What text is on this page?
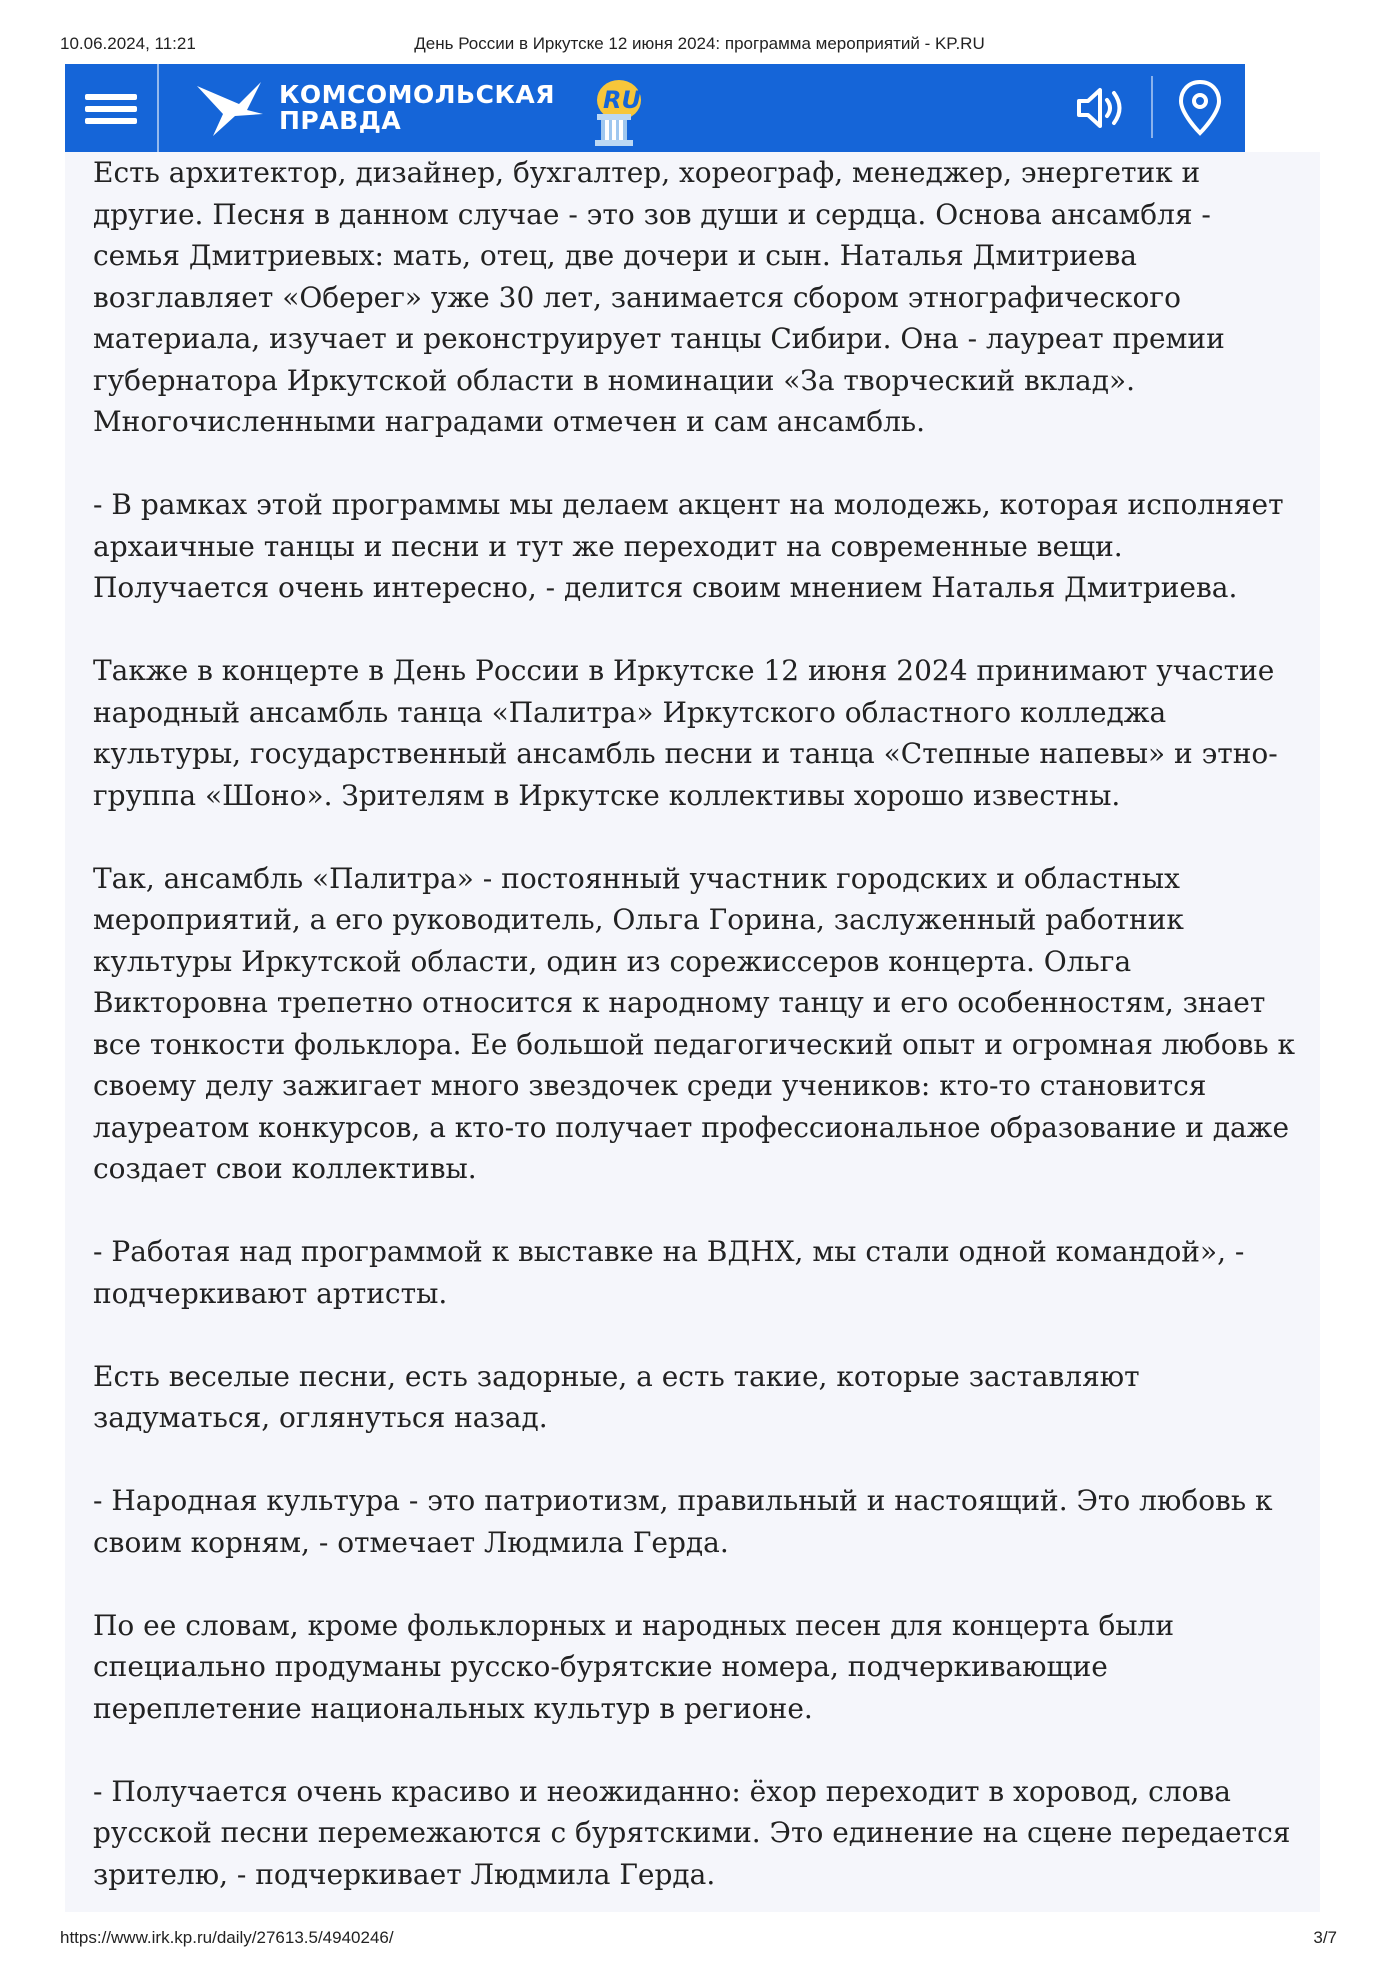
10.06.2024, 11:21	День России в Иркутске 12 июня 2024: программа мероприятий - KP.RU
КОМСОМОЛЬСКАЯ
ПРАВДА
RU

Есть архитектор, дизайнер, бухгалтер, хореограф, менеджер, энергетик и другие. Песня в данном случае - это зов души и сердца. Основа ансамбля - семья Дмитриевых: мать, отец, две дочери и сын. Наталья Дмитриева возглавляет «Оберег» уже 30 лет, занимается сбором этнографического материала, изучает и реконструирует танцы Сибири. Она - лауреат премии губернатора Иркутской области в номинации «За творческий вклад». Многочисленными наградами отмечен и сам ансамбль.

- В рамках этой программы мы делаем акцент на молодежь, которая исполняет архаичные танцы и песни и тут же переходит на современные вещи. Получается очень интересно, - делится своим мнением Наталья Дмитриева.

Также в концерте в День России в Иркутске 12 июня 2024 принимают участие народный ансамбль танца «Палитра» Иркутского областного колледжа культуры, государственный ансамбль песни и танца «Степные напевы» и этно-группа «Шоно». Зрителям в Иркутске коллективы хорошо известны.

Так, ансамбль «Палитра» - постоянный участник городских и областных мероприятий, а его руководитель, Ольга Горина, заслуженный работник культуры Иркутской области, один из сорежиссеров концерта. Ольга Викторовна трепетно относится к народному танцу и его особенностям, знает все тонкости фольклора. Ее большой педагогический опыт и огромная любовь к своему делу зажигает много звездочек среди учеников: кто-то становится лауреатом конкурсов, а кто-то получает профессиональное образование и даже создает свои коллективы.

- Работая над программой к выставке на ВДНХ, мы стали одной командой», - подчеркивают артисты.

Есть веселые песни, есть задорные, а есть такие, которые заставляют задуматься, оглянуться назад.

- Народная культура - это патриотизм, правильный и настоящий. Это любовь к своим корням, - отмечает Людмила Герда.

По ее словам, кроме фольклорных и народных песен для концерта были специально продуманы русско-бурятские номера, подчеркивающие переплетение национальных культур в регионе.

- Получается очень красиво и неожиданно: ёхор переходит в хоровод, слова русской песни перемежаются с бурятскими. Это единение на сцене передается зрителю, - подчеркивает Людмила Герда.

https://www.irk.kp.ru/daily/27613.5/4940246/	3/7
